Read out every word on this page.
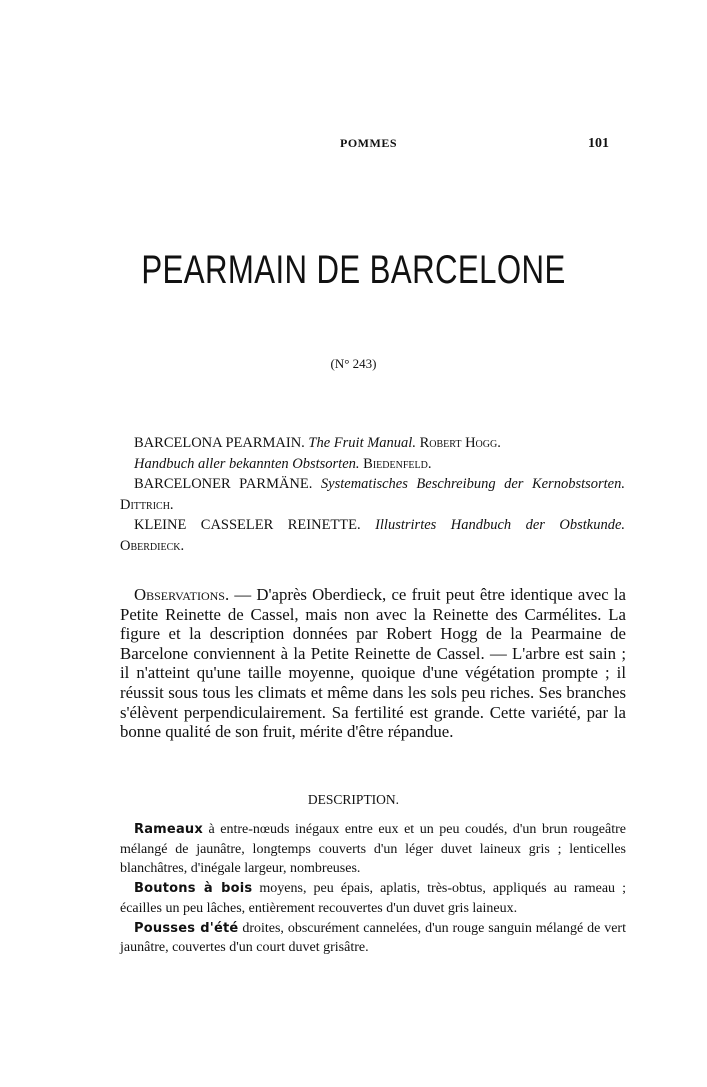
POMMES	101
PEARMAIN DE BARCELONE
(N° 243)

BARCELONA PEARMAIN. The Fruit Manual. Robert Hogg.

Handbuch aller bekannten Obstsorten. Biedenfeld.

BARCELONER PARMÄNE. Systematisches Beschreibung der Kernobstsorten. Dittrich.

KLEINE CASSELER REINETTE. Illustrirtes Handbuch der Obstkunde. Oberdieck.

Observations. — D'après Oberdieck, ce fruit peut être identique avec la Petite Reinette de Cassel, mais non avec la Reinette des Carmélites. La figure et la description données par Robert Hogg de la Pearmaine de Barcelone conviennent à la Petite Reinette de Cassel. — L'arbre est sain ; il n'atteint qu'une taille moyenne, quoique d'une végétation prompte ; il réussit sous tous les climats et même dans les sols peu riches. Ses branches s'élèvent perpendiculairement. Sa fertilité est grande. Cette variété, par la bonne qualité de son fruit, mérite d'être répandue.

DESCRIPTION.

Rameaux à entre-nœuds inégaux entre eux et un peu coudés, d'un brun rougeâtre mélangé de jaunâtre, longtemps couverts d'un léger duvet laineux gris ; lenticelles blanchâtres, d'inégale largeur, nombreuses.

Boutons à bois moyens, peu épais, aplatis, très-obtus, appliqués au rameau ; écailles un peu lâches, entièrement recouvertes d'un duvet gris laineux.

Pousses d'été droites, obscurément cannelées, d'un rouge sanguin mélangé de vert jaunâtre, couvertes d'un court duvet grisâtre.
